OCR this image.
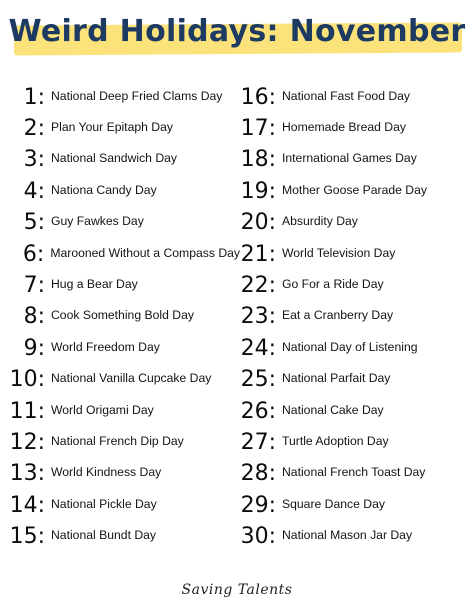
Weird Holidays: November
1: National Deep Fried Clams Day
2: Plan Your Epitaph Day
3: National Sandwich Day
4: Nationa Candy Day
5: Guy Fawkes Day
6: Marooned Without a Compass Day
7: Hug a Bear Day
8: Cook Something Bold Day
9: World Freedom Day
10: National Vanilla Cupcake Day
11: World Origami Day
12: National French Dip Day
13: World Kindness Day
14: National Pickle Day
15: National Bundt Day
16: National Fast Food Day
17: Homemade Bread Day
18: International Games Day
19: Mother Goose Parade Day
20: Absurdity Day
21: World Television Day
22: Go For a Ride Day
23: Eat a Cranberry Day
24: National Day of Listening
25: National Parfait Day
26: National Cake Day
27: Turtle Adoption Day
28: National French Toast Day
29: Square Dance Day
30: National Mason Jar Day
Saving Talents
